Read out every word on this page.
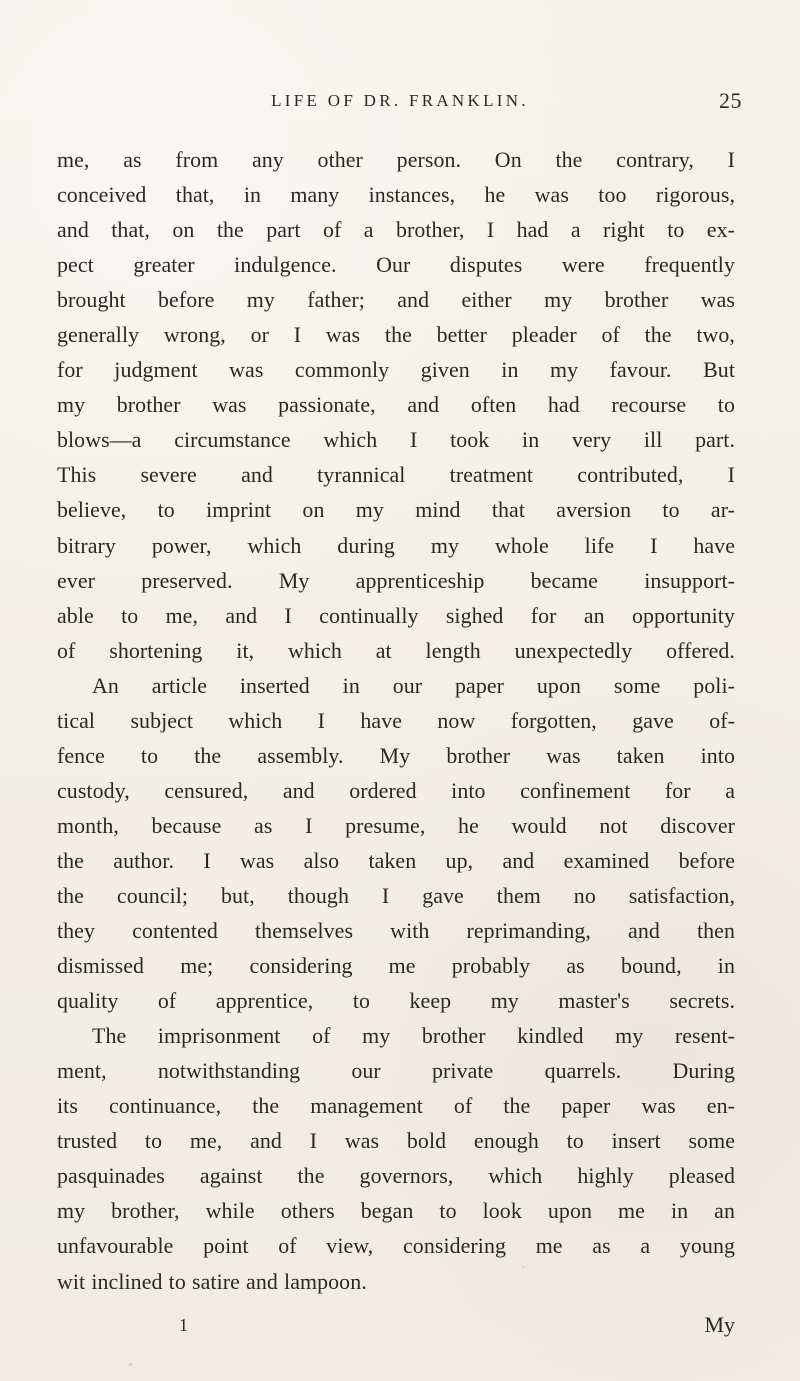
LIFE OF DR. FRANKLIN.	25
me, as from any other person. On the contrary, I
conceived that, in many instances, he was too rigorous,
and that, on the part of a brother, I had a right to ex-
pect greater indulgence. Our disputes were frequently
brought before my father; and either my brother was
generally wrong, or I was the better pleader of the two,
for judgment was commonly given in my favour. But
my brother was passionate, and often had recourse to
blows—a circumstance which I took in very ill part.
This severe and tyrannical treatment contributed, I
believe, to imprint on my mind that aversion to ar-
bitrary power, which during my whole life I have
ever preserved. My apprenticeship became insupport-
able to me, and I continually sighed for an opportunity
of shortening it, which at length unexpectedly offered.
An article inserted in our paper upon some poli-
tical subject which I have now forgotten, gave of-
fence to the assembly. My brother was taken into
custody, censured, and ordered into confinement for a
month, because as I presume, he would not discover
the author. I was also taken up, and examined before
the council; but, though I gave them no satisfaction,
they contented themselves with reprimanding, and then
dismissed me; considering me probably as bound, in
quality of apprentice, to keep my master's secrets.
The imprisonment of my brother kindled my resent-
ment, notwithstanding our private quarrels. During
its continuance, the management of the paper was en-
trusted to me, and I was bold enough to insert some
pasquinades against the governors, which highly pleased
my brother, while others began to look upon me in an
unfavourable point of view, considering me as a young
wit inclined to satire and lampoon.
1	My
